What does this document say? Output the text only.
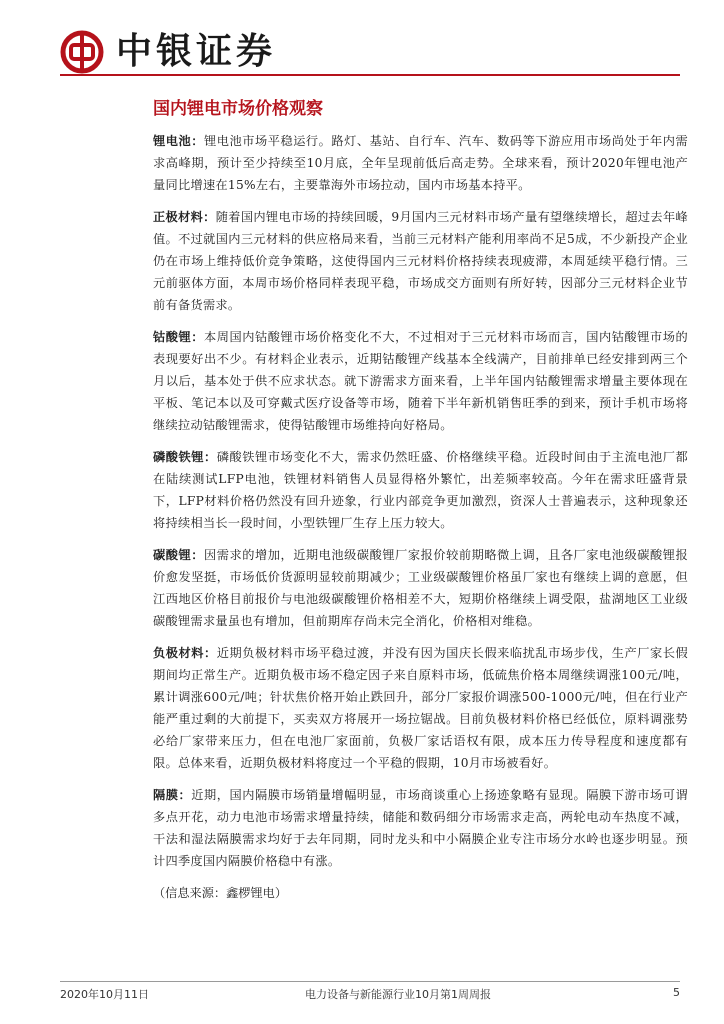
中银证券
国内锂电市场价格观察

锂电池：锂电池市场平稳运行。路灯、基站、自行车、汽车、数码等下游应用市场尚处于年内需求高峰期，预计至少持续至10月底，全年呈现前低后高走势。全球来看，预计2020年锂电池产量同比增速在15%左右，主要靠海外市场拉动，国内市场基本持平。

正极材料：随着国内锂电市场的持续回暖，9月国内三元材料市场产量有望继续增长，超过去年峰值。不过就国内三元材料的供应格局来看，当前三元材料产能利用率尚不足5成，不少新投产企业仍在市场上维持低价竞争策略，这使得国内三元材料价格持续表现疲滞，本周延续平稳行情。三元前驱体方面，本周市场价格同样表现平稳，市场成交方面则有所好转，因部分三元材料企业节前有备货需求。

钴酸锂：本周国内钴酸锂市场价格变化不大，不过相对于三元材料市场而言，国内钴酸锂市场的表现要好出不少。有材料企业表示，近期钴酸锂产线基本全线满产，目前排单已经安排到两三个月以后，基本处于供不应求状态。就下游需求方面来看，上半年国内钴酸锂需求增量主要体现在平板、笔记本以及可穿戴式医疗设备等市场，随着下半年新机销售旺季的到来，预计手机市场将继续拉动钴酸锂需求，使得钴酸锂市场维持向好格局。

磷酸铁锂：磷酸铁锂市场变化不大，需求仍然旺盛、价格继续平稳。近段时间由于主流电池厂都在陆续测试LFP电池，铁锂材料销售人员显得格外繁忙，出差频率较高。今年在需求旺盛背景下，LFP材料价格仍然没有回升迹象，行业内部竞争更加激烈，资深人士普遍表示，这种现象还将持续相当长一段时间，小型铁锂厂生存上压力较大。

碳酸锂：因需求的增加，近期电池级碳酸锂厂家报价较前期略微上调，且各厂家电池级碳酸锂报价愈发坚挺，市场低价货源明显较前期减少；工业级碳酸锂价格虽厂家也有继续上调的意愿，但江西地区价格目前报价与电池级碳酸锂价格相差不大，短期价格继续上调受限，盐湖地区工业级碳酸锂需求量虽也有增加，但前期库存尚未完全消化，价格相对维稳。

负极材料：近期负极材料市场平稳过渡，并没有因为国庆长假来临扰乱市场步伐，生产厂家长假期间均正常生产。近期负极市场不稳定因子来自原料市场，低硫焦价格本周继续调涨100元/吨，累计调涨600元/吨；针状焦价格开始止跌回升，部分厂家报价调涨500-1000元/吨，但在行业产能严重过剩的大前提下，买卖双方将展开一场拉锯战。目前负极材料价格已经低位，原料调涨势必给厂家带来压力，但在电池厂家面前，负极厂家话语权有限，成本压力传导程度和速度都有限。总体来看，近期负极材料将度过一个平稳的假期，10月市场被看好。

隔膜：近期，国内隔膜市场销量增幅明显，市场商谈重心上扬迹象略有显现。隔膜下游市场可谓多点开花，动力电池市场需求增量持续，储能和数码细分市场需求走高，两轮电动车热度不减，干法和湿法隔膜需求均好于去年同期，同时龙头和中小隔膜企业专注市场分水岭也逐步明显。预计四季度国内隔膜价格稳中有涨。

（信息来源：鑫椤锂电）
2020年10月11日	电力设备与新能源行业10月第1周周报	5
